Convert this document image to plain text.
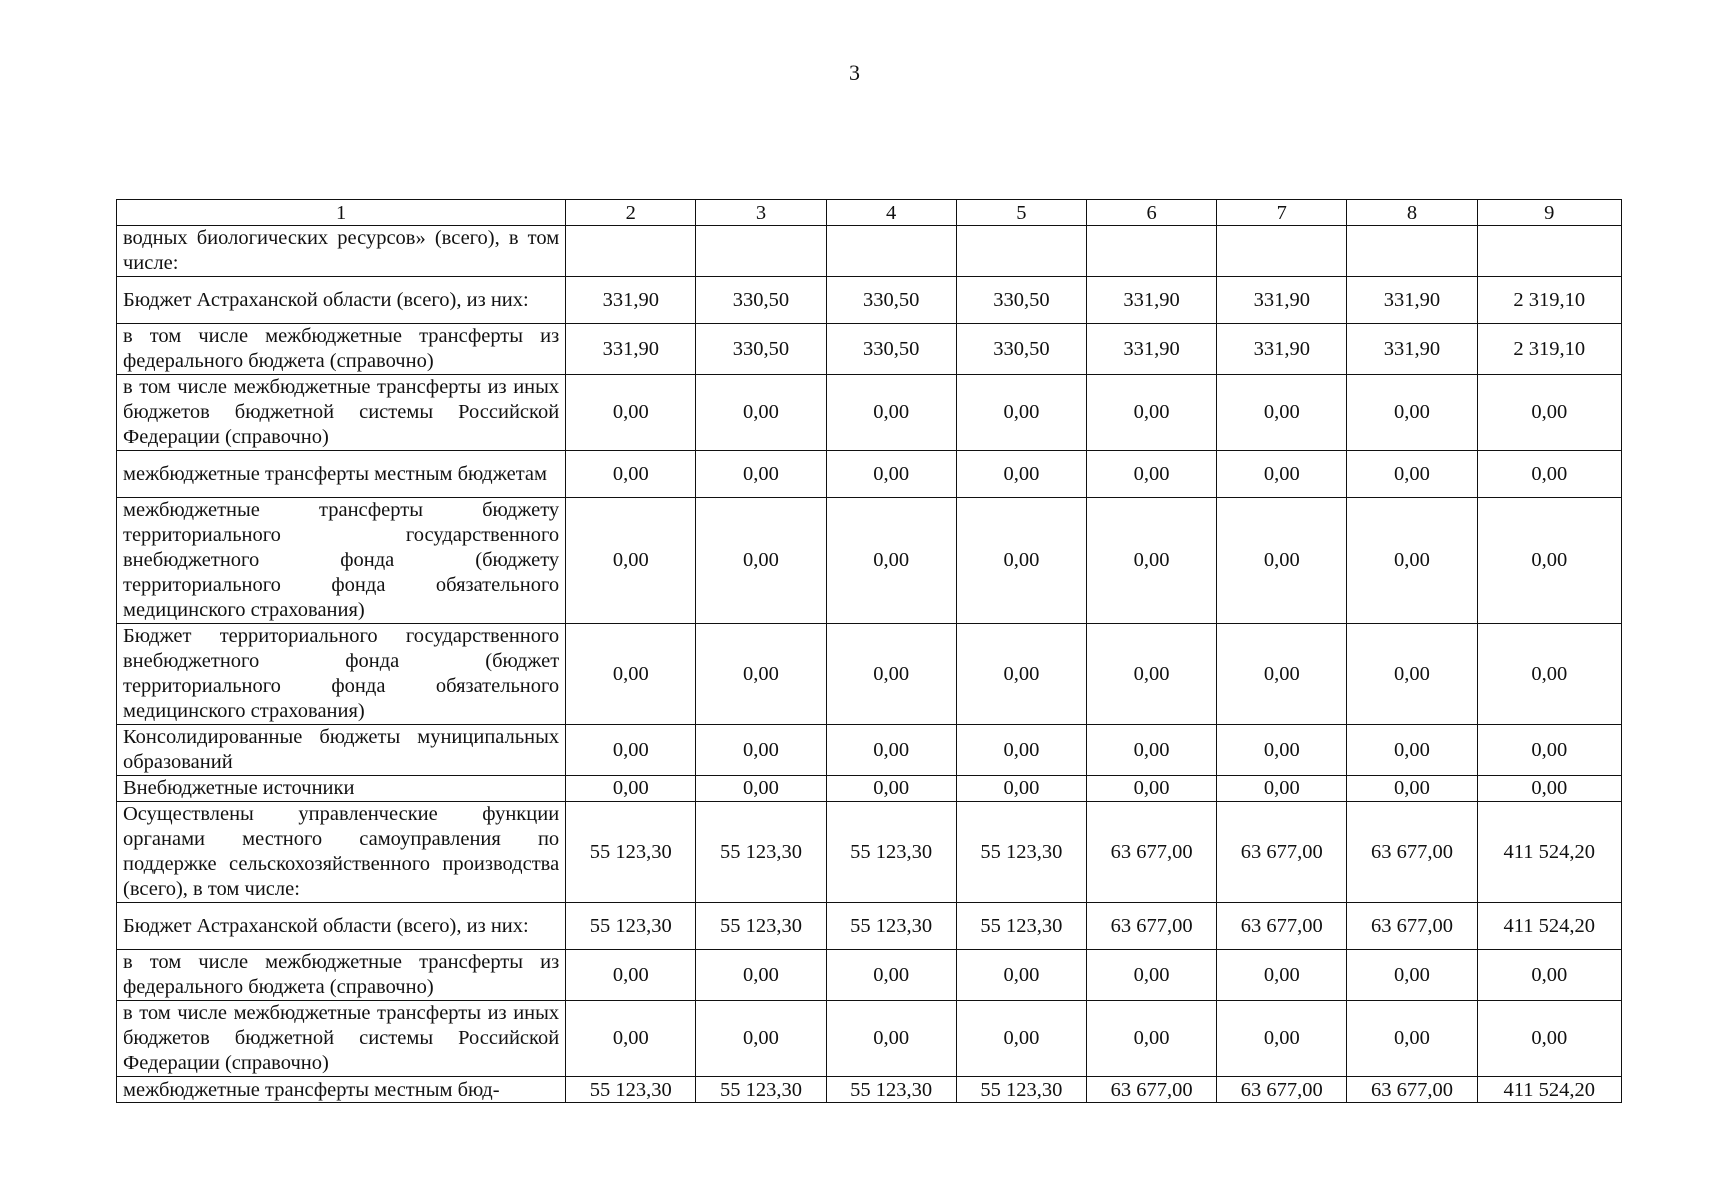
3
1	2	3	4	5	6	7	8	9
водных биологических ресурсов» (всего), в том числе:								
Бюджет Астраханской области (всего), из них:	331,90	330,50	330,50	330,50	331,90	331,90	331,90	2 319,10
в том числе межбюджетные трансферты из федерального бюджета (справочно)	331,90	330,50	330,50	330,50	331,90	331,90	331,90	2 319,10
в том числе межбюджетные трансферты из иных бюджетов бюджетной системы Российской Федерации (справочно)	0,00	0,00	0,00	0,00	0,00	0,00	0,00	0,00
межбюджетные трансферты местным бюджетам	0,00	0,00	0,00	0,00	0,00	0,00	0,00	0,00
межбюджетные трансферты бюджету территориального государственного внебюджетного фонда (бюджету территориального фонда обязательного медицинского страхования)	0,00	0,00	0,00	0,00	0,00	0,00	0,00	0,00
Бюджет территориального государственного внебюджетного фонда (бюджет территориального фонда обязательного медицинского страхования)	0,00	0,00	0,00	0,00	0,00	0,00	0,00	0,00
Консолидированные бюджеты муниципальных образований	0,00	0,00	0,00	0,00	0,00	0,00	0,00	0,00
Внебюджетные источники	0,00	0,00	0,00	0,00	0,00	0,00	0,00	0,00
Осуществлены управленческие функции органами местного самоуправления по поддержке сельскохозяйственного производства (всего), в том числе:	55 123,30	55 123,30	55 123,30	55 123,30	63 677,00	63 677,00	63 677,00	411 524,20
Бюджет Астраханской области (всего), из них:	55 123,30	55 123,30	55 123,30	55 123,30	63 677,00	63 677,00	63 677,00	411 524,20
в том числе межбюджетные трансферты из федерального бюджета (справочно)	0,00	0,00	0,00	0,00	0,00	0,00	0,00	0,00
в том числе межбюджетные трансферты из иных бюджетов бюджетной системы Российской Федерации (справочно)	0,00	0,00	0,00	0,00	0,00	0,00	0,00	0,00
межбюджетные трансферты местным бюд-	55 123,30	55 123,30	55 123,30	55 123,30	63 677,00	63 677,00	63 677,00	411 524,20
